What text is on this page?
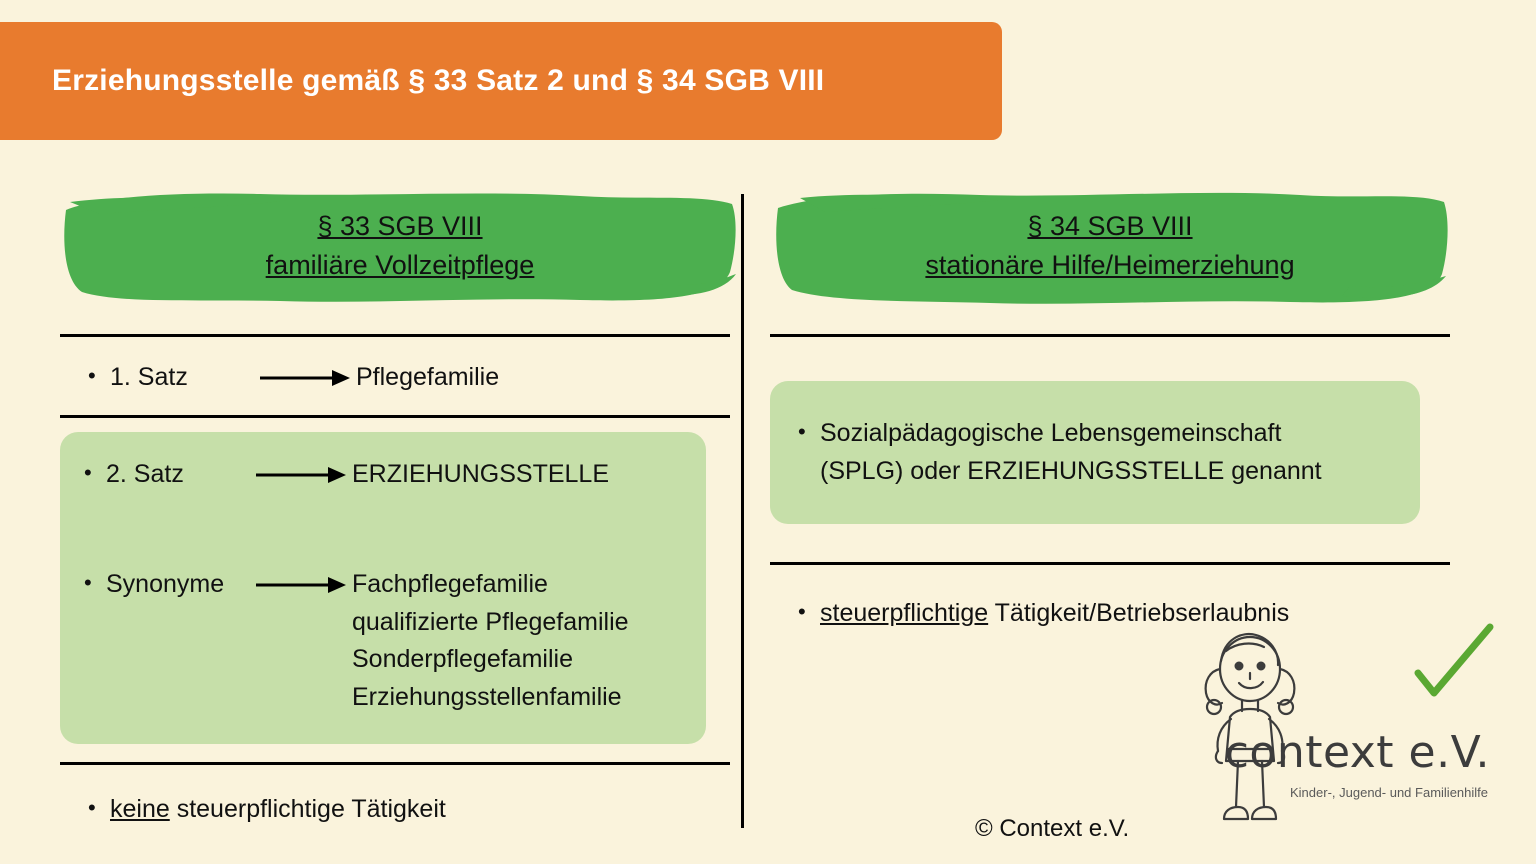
Erziehungsstelle gemäß § 33 Satz 2 und § 34 SGB VIII
§ 33 SGB VIII
familiäre Vollzeitpflege
• 1. Satz	Pflegefamilie
• 2. Satz	ERZIEHUNGSSTELLE
• Synonyme	Fachpflegefamilie
qualifizierte Pflegefamilie
Sonderpflegefamilie
Erziehungsstellenfamilie
• keine steuerpflichtige Tätigkeit
§ 34 SGB VIII
stationäre Hilfe/Heimerziehung
• Sozialpädagogische Lebensgemeinschaft
(SPLG) oder ERZIEHUNGSSTELLE genannt
• steuerpflichtige Tätigkeit/Betriebserlaubnis
© Context e.V.
context e.V.
Kinder-, Jugend- und Familienhilfe
